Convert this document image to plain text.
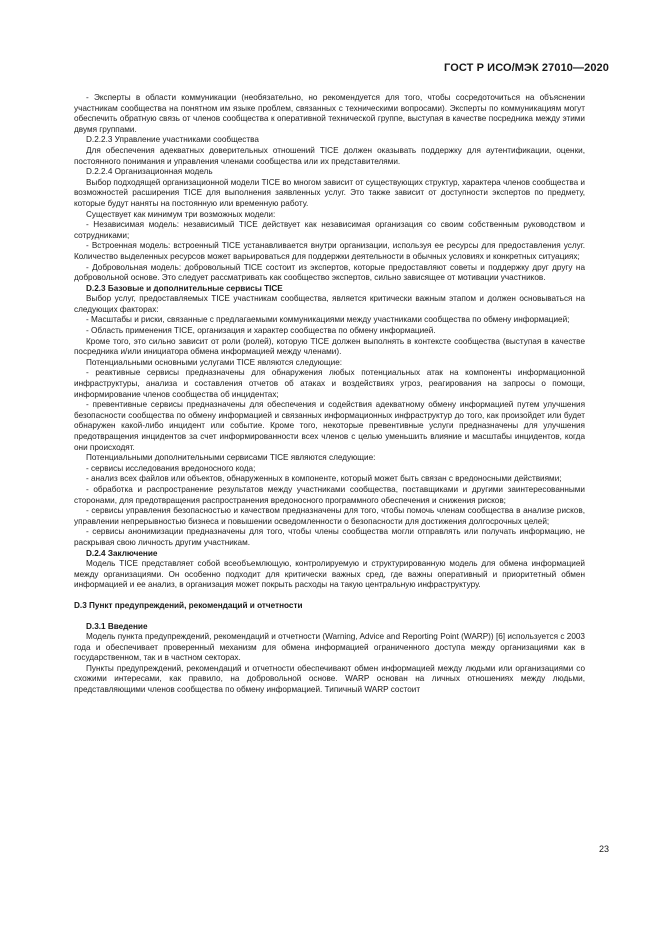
ГОСТ Р ИСО/МЭК 27010—2020

- Эксперты в области коммуникации (необязательно, но рекомендуется для того, чтобы сосредоточиться на объяснении участникам сообщества на понятном им языке проблем, связанных с техническими вопросами). Эксперты по коммуникациям могут обеспечить обратную связь от членов сообщества к оперативной технической группе, выступая в качестве посредника между этими двумя группами.

D.2.2.3 Управление участниками сообщества

Для обеспечения адекватных доверительных отношений TICE должен оказывать поддержку для аутентификации, оценки, постоянного понимания и управления членами сообщества или их представителями.

D.2.2.4 Организационная модель

Выбор подходящей организационной модели TICE во многом зависит от существующих структур, характера членов сообщества и возможностей расширения TICE для выполнения заявленных услуг. Это также зависит от доступности экспертов по предмету, которые будут наняты на постоянную или временную работу.

Существует как минимум три возможных модели:

- Независимая модель: независимый TICE действует как независимая организация со своим собственным руководством и сотрудниками;

- Встроенная модель: встроенный TICE устанавливается внутри организации, используя ее ресурсы для предоставления услуг. Количество выделенных ресурсов может варьироваться для поддержки деятельности в обычных условиях и конкретных ситуациях;

- Добровольная модель: добровольный TICE состоит из экспертов, которые предоставляют советы и поддержку друг другу на добровольной основе. Это следует рассматривать как сообщество экспертов, сильно зависящее от мотивации участников.

D.2.3 Базовые и дополнительные сервисы TICE

Выбор услуг, предоставляемых TICE участникам сообщества, является критически важным этапом и должен основываться на следующих факторах:

- Масштабы и риски, связанные с предлагаемыми коммуникациями между участниками сообщества по обмену информацией;

- Область применения TICE, организация и характер сообщества по обмену информацией.

Кроме того, это сильно зависит от роли (ролей), которую TICE должен выполнять в контексте сообщества (выступая в качестве посредника и/или инициатора обмена информацией между членами).

Потенциальными основными услугами TICE являются следующие:

- реактивные сервисы предназначены для обнаружения любых потенциальных атак на компоненты информационной инфраструктуры, анализа и составления отчетов об атаках и воздействиях угроз, реагирования на запросы о помощи, информирование членов сообщества об инцидентах;

- превентивные сервисы предназначены для обеспечения и содействия адекватному обмену информацией путем улучшения безопасности сообщества по обмену информацией и связанных информационных инфраструктур до того, как произойдет или будет обнаружен какой-либо инцидент или событие. Кроме того, некоторые превентивные услуги предназначены для улучшения предотвращения инцидентов за счет информированности всех членов с целью уменьшить влияние и масштабы инцидентов, когда они происходят.

Потенциальными дополнительными сервисами TICE являются следующие:

- сервисы исследования вредоносного кода;

- анализ всех файлов или объектов, обнаруженных в компоненте, который может быть связан с вредоносными действиями;

- обработка и распространение результатов между участниками сообщества, поставщиками и другими заинтересованными сторонами, для предотвращения распространения вредоносного программного обеспечения и снижения рисков;

- сервисы управления безопасностью и качеством предназначены для того, чтобы помочь членам сообщества в анализе рисков, управлении непрерывностью бизнеса и повышении осведомленности о безопасности для достижения долгосрочных целей;

- сервисы анонимизации предназначены для того, чтобы члены сообщества могли отправлять или получать информацию, не раскрывая свою личность другим участникам.

D.2.4 Заключение

Модель TICE представляет собой всеобъемлющую, контролируемую и структурированную модель для обмена информацией между организациями. Он особенно подходит для критически важных сред, где важны оперативный и приоритетный обмен информацией и ее анализ, в организация может покрыть расходы на такую центральную инфраструктуру.

D.3 Пункт предупреждений, рекомендаций и отчетности

D.3.1 Введение

Модель пункта предупреждений, рекомендаций и отчетности (Warning, Advice and Reporting Point (WARP)) [6] используется с 2003 года и обеспечивает проверенный механизм для обмена информацией ограниченного доступа между организациями как в государственном, так и в частном секторах.

Пункты предупреждений, рекомендаций и отчетности обеспечивают обмен информацией между людьми или организациями со схожими интересами, как правило, на добровольной основе. WARP основан на личных отношениях между людьми, представляющими членов сообщества по обмену информацией. Типичный WARP состоит

23
